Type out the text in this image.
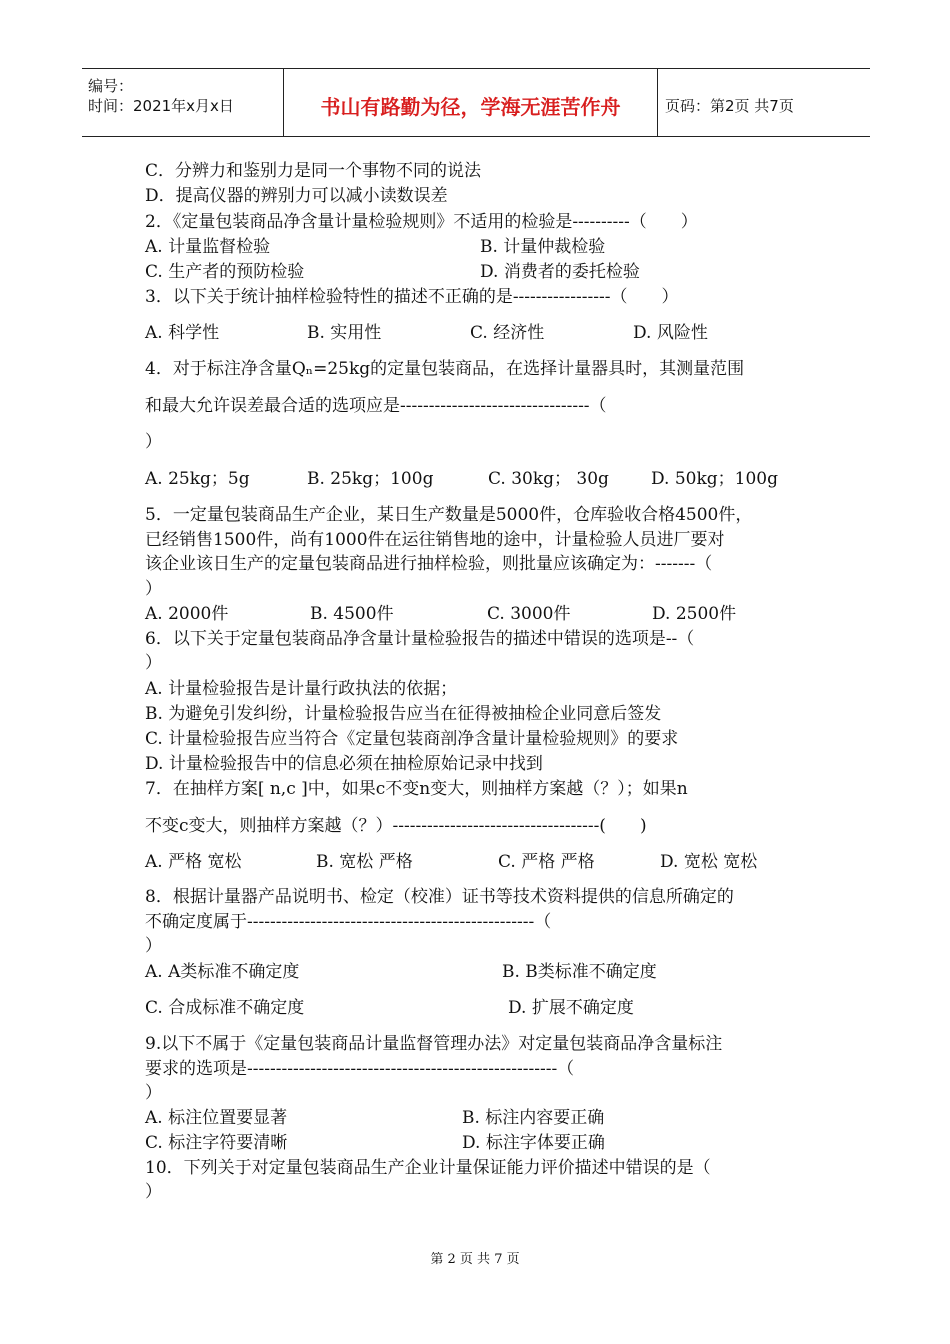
编号：
时间：2021年x月x日	书山有路勤为径，学海无涯苦作舟	页码：第2页 共7页
C．分辨力和鉴别力是同一个事物不同的说法
D．提高仪器的辨别力可以减小读数误差
2．《定量包装商品净含量计量检验规则》不适用的检验是----------（　　）
A. 计量监督检验	B. 计量仲裁检验
C. 生产者的预防检验	D. 消费者的委托检验
3．以下关于统计抽样检验特性的描述不正确的是-----------------（　　）
A. 科学性	B. 实用性	C. 经济性	D. 风险性
4．对于标注净含量Qₙ=25kg的定量包装商品，在选择计量器具时，其测量范围
和最大允许误差最合适的选项应是---------------------------------（
）
A. 25kg；5g	B. 25kg；100g	C. 30kg； 30g D. 50kg；100g
5．一定量包装商品生产企业，某日生产数量是5000件，仓库验收合格4500件，
已经销售1500件，尚有1000件在运往销售地的途中，计量检验人员进厂要对
该企业该日生产的定量包装商品进行抽样检验，则批量应该确定为：-------（
）
A. 2000件	B. 4500件	C. 3000件	D. 2500件
6．以下关于定量包装商品净含量计量检验报告的描述中错误的选项是--（
）
A. 计量检验报告是计量行政执法的依据；
B. 为避免引发纠纷，计量检验报告应当在征得被抽检企业同意后签发
C. 计量检验报告应当符合《定量包装商剖净含量计量检验规则》的要求
D. 计量检验报告中的信息必须在抽检原始记录中找到
7．在抽样方案[ n,c ]中，如果c不变n变大，则抽样方案越（？）；如果n
不变c变大，则抽样方案越（？）------------------------------------(　　)
A. 严格 宽松	B. 宽松 严格	C. 严格 严格	D. 宽松 宽松
8．根据计量器产品说明书、检定（校准）证书等技术资料提供的信息所确定的
不确定度属于--------------------------------------------------（
）
A. A类标准不确定度	B. B类标准不确定度
C. 合成标准不确定度	D. 扩展不确定度
9.以下不属于《定量包装商品计量监督管理办法》对定量包装商品净含量标注
要求的选项是------------------------------------------------------（
）
A. 标注位置要显著	B. 标注内容要正确
C. 标注字符要清晰	D. 标注字体要正确
10．下列关于对定量包装商品生产企业计量保证能力评价描述中错误的是（
）
第 2 页 共 7 页
